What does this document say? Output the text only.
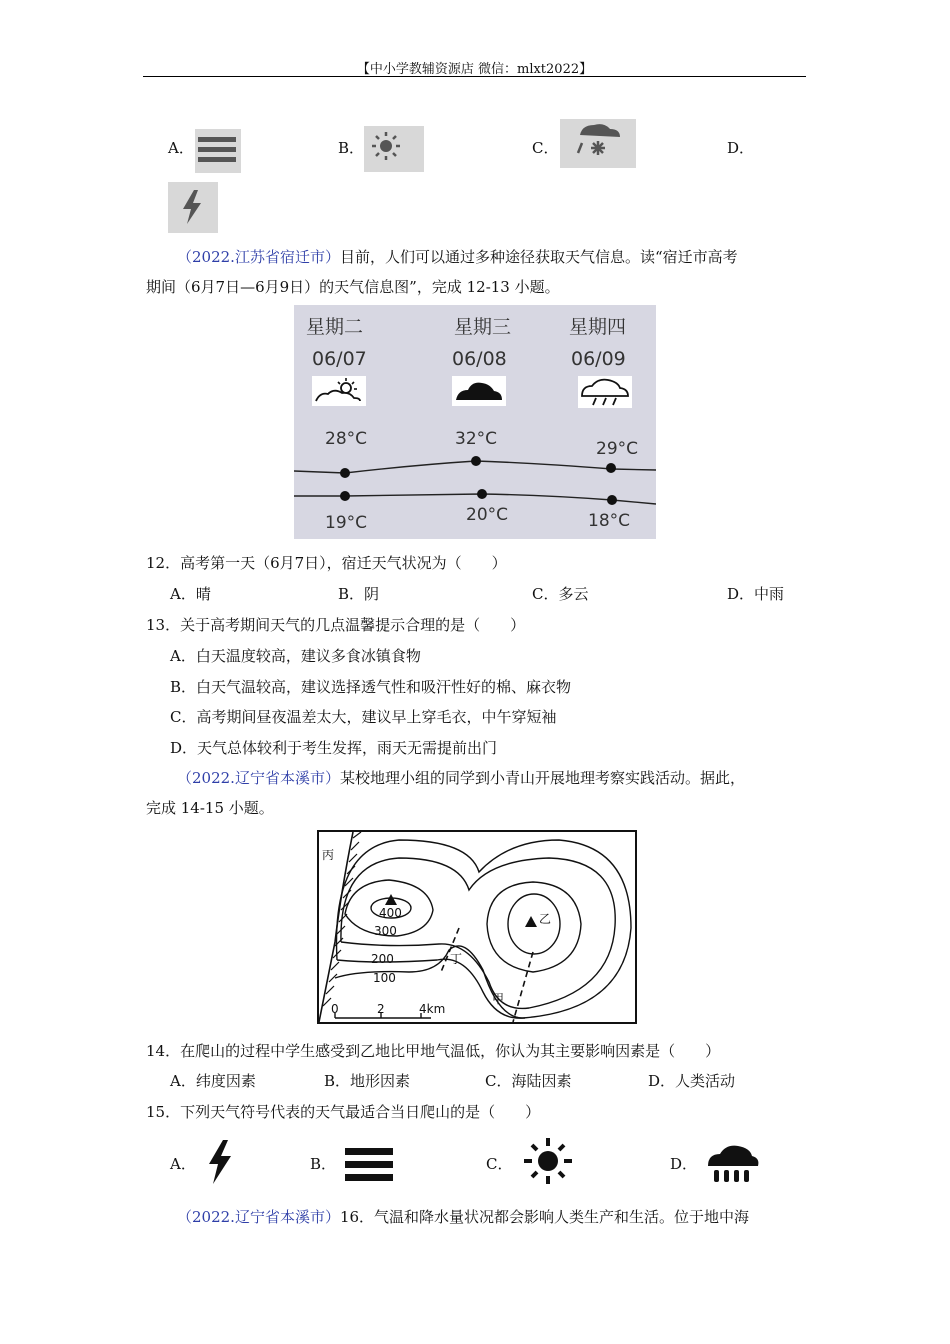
【中小学教辅资源店 微信：mlxt2022】
A．	B．	C．	D．
（2022.江苏省宿迁市）目前，人们可以通过多种途径获取天气信息。读“宿迁市高考
期间（6月7日—6月9日）的天气信息图”，完成 12-13 小题。
星期二
06/07
28°C
19°C
星期三
06/08
32°C
20°C
星期四
06/09
29°C
18°C
12．高考第一天（6月7日），宿迁天气状况为（　　）
A．晴	B．阴	C．多云	D．中雨
13．关于高考期间天气的几点温馨提示合理的是（　　）
A．白天温度较高，建议多食冰镇食物
B．白天气温较高，建议选择透气性和吸汗性好的棉、麻衣物
C．高考期间昼夜温差太大，建议早上穿毛衣，中午穿短袖
D．天气总体较利于考生发挥，雨天无需提前出门
（2022.辽宁省本溪市）某校地理小组的同学到小青山开展地理考察实践活动。据此，
完成 14-15 小题。
丙
乙
丁
甲
400
300
200
100
0	2	4km
14．在爬山的过程中学生感受到乙地比甲地气温低，你认为其主要影响因素是（　　）
A．纬度因素	B．地形因素	C．海陆因素	D．人类活动
15．下列天气符号代表的天气最适合当日爬山的是（　　）
A．	B．	C．	D．
（2022.辽宁省本溪市）16．气温和降水量状况都会影响人类生产和生活。位于地中海
